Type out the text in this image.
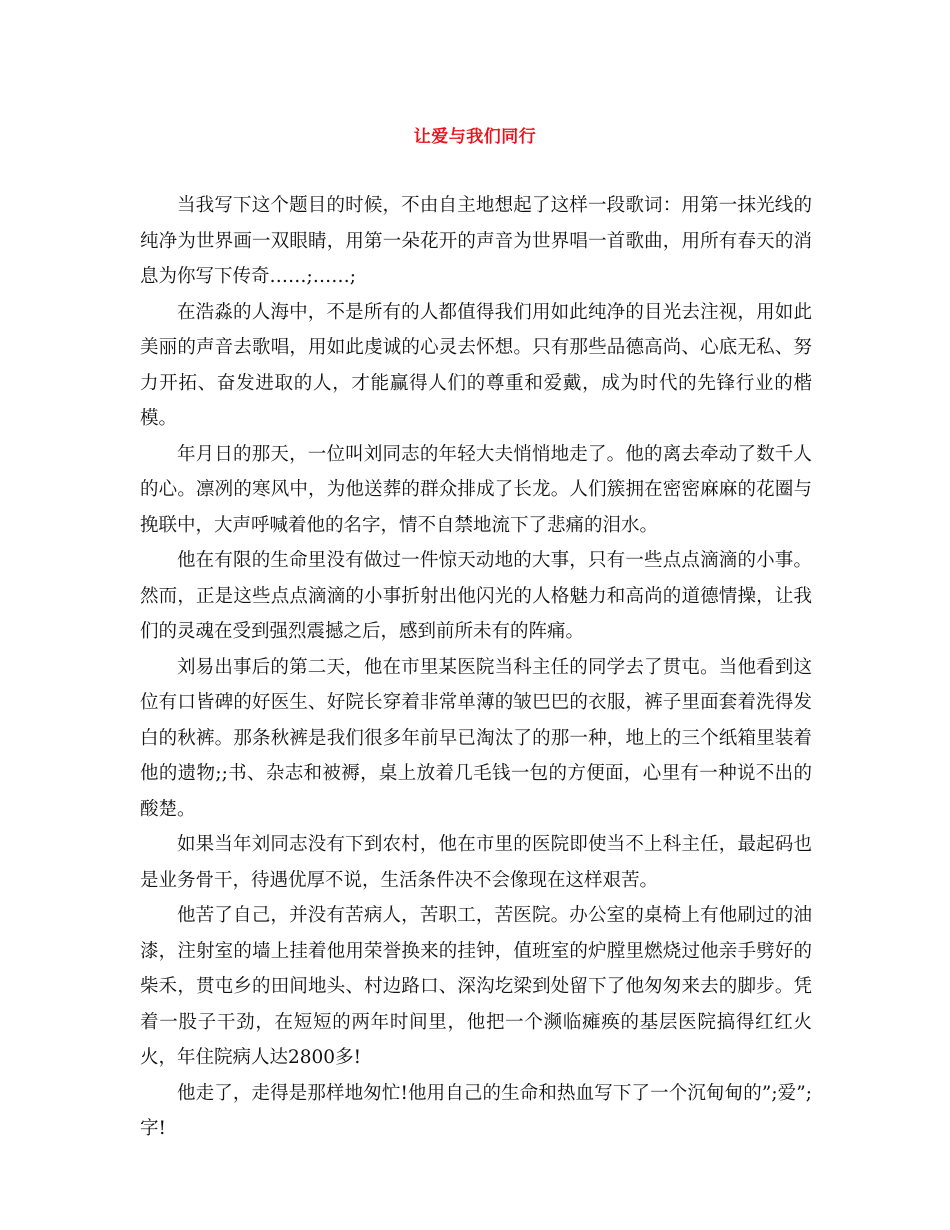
让爱与我们同行

当我写下这个题目的时候，不由自主地想起了这样一段歌词：用第一抹光线的纯净为世界画一双眼睛，用第一朵花开的声音为世界唱一首歌曲，用所有春天的消息为你写下传奇……;……;

在浩淼的人海中，不是所有的人都值得我们用如此纯净的目光去注视，用如此美丽的声音去歌唱，用如此虔诚的心灵去怀想。只有那些品德高尚、心底无私、努力开拓、奋发进取的人，才能赢得人们的尊重和爱戴，成为时代的先锋行业的楷模。

年月日的那天，一位叫刘同志的年轻大夫悄悄地走了。他的离去牵动了数千人的心。凛冽的寒风中，为他送葬的群众排成了长龙。人们簇拥在密密麻麻的花圈与挽联中，大声呼喊着他的名字，情不自禁地流下了悲痛的泪水。

他在有限的生命里没有做过一件惊天动地的大事，只有一些点点滴滴的小事。然而，正是这些点点滴滴的小事折射出他闪光的人格魅力和高尚的道德情操，让我们的灵魂在受到强烈震撼之后，感到前所未有的阵痛。

刘易出事后的第二天，他在市里某医院当科主任的同学去了贯屯。当他看到这位有口皆碑的好医生、好院长穿着非常单薄的皱巴巴的衣服，裤子里面套着洗得发白的秋裤。那条秋裤是我们很多年前早已淘汰了的那一种，地上的三个纸箱里装着他的遗物;;书、杂志和被褥，桌上放着几毛钱一包的方便面，心里有一种说不出的酸楚。

如果当年刘同志没有下到农村，他在市里的医院即使当不上科主任，最起码也是业务骨干，待遇优厚不说，生活条件决不会像现在这样艰苦。

他苦了自己，并没有苦病人，苦职工，苦医院。办公室的桌椅上有他刷过的油漆，注射室的墙上挂着他用荣誉换来的挂钟，值班室的炉膛里燃烧过他亲手劈好的柴禾，贯屯乡的田间地头、村边路口、深沟圪梁到处留下了他匆匆来去的脚步。凭着一股子干劲，在短短的两年时间里，他把一个濒临瘫痪的基层医院搞得红红火火，年住院病人达2800多!

他走了，走得是那样地匆忙!他用自己的生命和热血写下了一个沉甸甸的”;爱”;字!
